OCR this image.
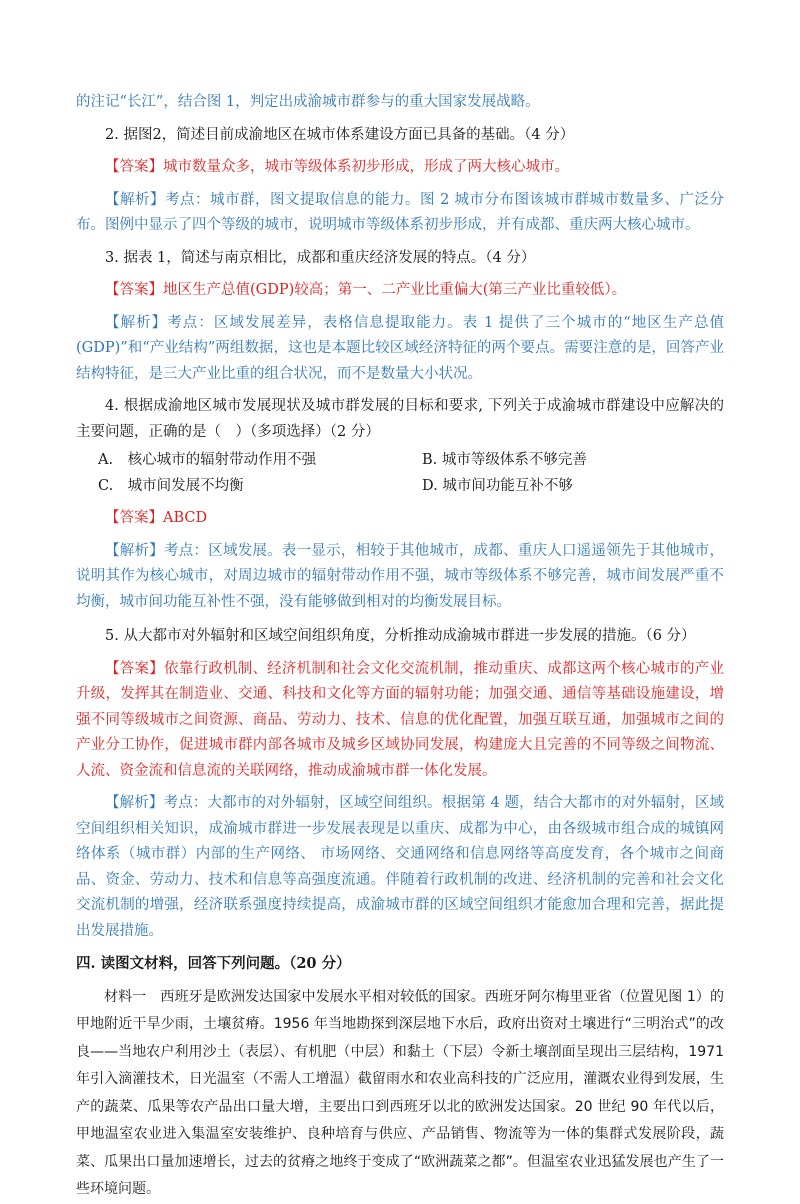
的注记“长江”，结合图 1，判定出成渝城市群参与的重大国家发展战略。

2. 据图2，简述目前成渝地区在城市体系建设方面已具备的基础。（4 分）

【答案】城市数量众多，城市等级体系初步形成，形成了两大核心城市。

【解析】考点：城市群，图文提取信息的能力。图 2 城市分布图该城市群城市数量多、广泛分布。图例中显示了四个等级的城市，说明城市等级体系初步形成，并有成都、重庆两大核心城市。

3. 据表 1，简述与南京相比，成都和重庆经济发展的特点。（4 分）

【答案】地区生产总值(GDP)较高；第一、二产业比重偏大(第三产业比重较低）。

【解析】考点：区域发展差异，表格信息提取能力。表 1 提供了三个城市的“地区生产总值(GDP)”和“产业结构”两组数据，这也是本题比较区域经济特征的两个要点。需要注意的是，回答产业结构特征，是三大产业比重的组合状况，而不是数量大小状况。

4. 根据成渝地区城市发展现状及城市群发展的目标和要求, 下列关于成渝城市群建设中应解决的主要问题，正确的是（　）（多项选择）（2 分）

A.　核心城市的辐射带动作用不强	B. 城市等级体系不够完善
C.　城市间发展不均衡	D. 城市间功能互补不够

【答案】ABCD

【解析】考点：区域发展。表一显示，相较于其他城市，成都、重庆人口遥遥领先于其他城市，说明其作为核心城市，对周边城市的辐射带动作用不强，城市等级体系不够完善，城市间发展严重不均衡，城市间功能互补性不强，没有能够做到相对的均衡发展目标。

5. 从大都市对外辐射和区域空间组织角度，分析推动成渝城市群进一步发展的措施。（6 分）

【答案】依靠行政机制、经济机制和社会文化交流机制，推动重庆、成都这两个核心城市的产业升级，发挥其在制造业、交通、科技和文化等方面的辐射功能；加强交通、通信等基础设施建设，增强不同等级城市之间资源、商品、劳动力、技术、信息的优化配置，加强互联互通，加强城市之间的产业分工协作，促进城市群内部各城市及城乡区域协同发展，构建庞大且完善的不同等级之间物流、人流、资金流和信息流的关联网络，推动成渝城市群一体化发展。

【解析】考点：大都市的对外辐射，区域空间组织。根据第 4 题，结合大都市的对外辐射，区域空间组织相关知识，成渝城市群进一步发展表现是以重庆、成都为中心，由各级城市组合成的城镇网络体系（城市群）内部的生产网络、 市场网络、交通网络和信息网络等高度发育，各个城市之间商品、资金、劳动力、技术和信息等高强度流通。伴随着行政机制的改进、经济机制的完善和社会文化交流机制的增强，经济联系强度持续提高，成渝城市群的区域空间组织才能愈加合理和完善，据此提出发展措施。

四. 读图文材料，回答下列问题。（20 分）

材料一　西班牙是欧洲发达国家中发展水平相对较低的国家。西班牙阿尔梅里亚省（位置见图 1）的甲地附近干旱少雨，土壤贫瘠。1956 年当地勘探到深层地下水后，政府出资对土壤进行“三明治式”的改良——当地农户利用沙土（表层）、有机肥（中层）和黏土（下层）令新土壤剖面呈现出三层结构，1971 年引入滴灌技术，日光温室（不需人工增温）截留雨水和农业高科技的广泛应用，灌溉农业得到发展，生产的蔬菜、瓜果等农产品出口量大增，主要出口到西班牙以北的欧洲发达国家。20 世纪 90 年代以后，甲地温室农业进入集温室安装维护、良种培育与供应、产品销售、物流等为一体的集群式发展阶段，蔬菜、瓜果出口量加速增长，过去的贫瘠之地终于变成了“欧洲蔬菜之都”。但温室农业迅猛发展也产生了一些环境问题。
